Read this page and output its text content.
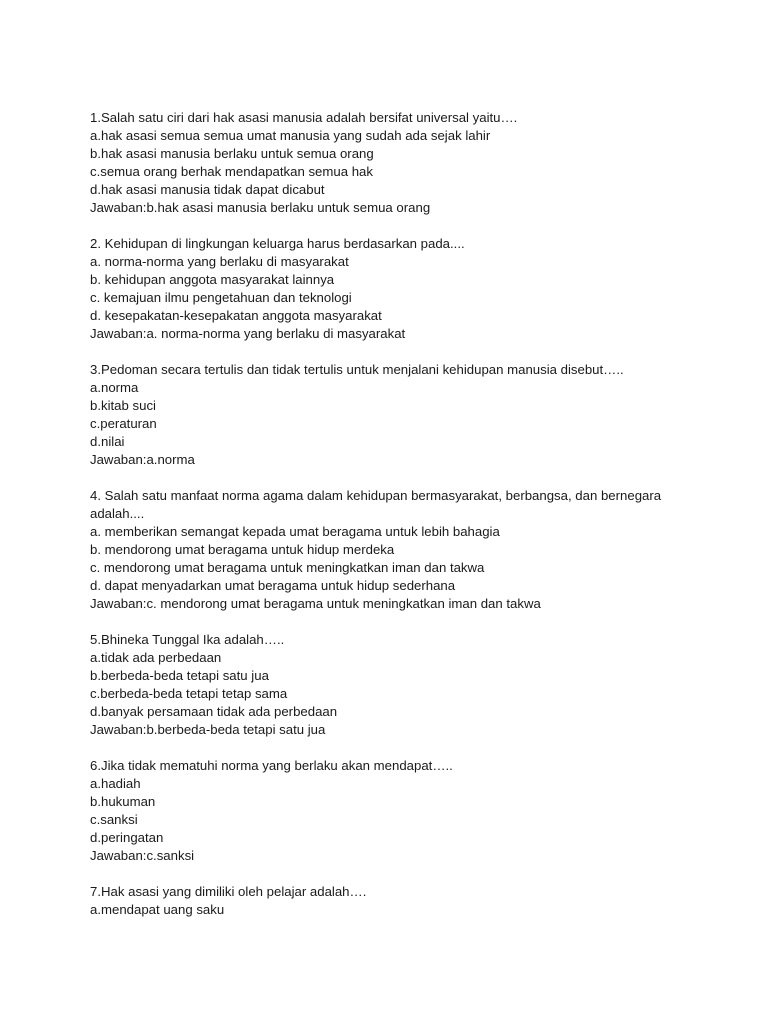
1.Salah satu ciri dari hak asasi manusia adalah bersifat universal yaitu….
a.hak asasi semua semua umat manusia yang sudah ada sejak lahir
b.hak asasi manusia berlaku untuk semua orang
c.semua orang berhak mendapatkan semua hak
d.hak asasi manusia tidak dapat dicabut
Jawaban:b.hak asasi manusia berlaku untuk semua orang
2. Kehidupan di lingkungan keluarga harus berdasarkan pada....
a. norma-norma yang berlaku di masyarakat
b. kehidupan anggota masyarakat lainnya
c. kemajuan ilmu pengetahuan dan teknologi
d. kesepakatan-kesepakatan anggota masyarakat
Jawaban:a. norma-norma yang berlaku di masyarakat
3.Pedoman secara tertulis dan tidak tertulis untuk menjalani kehidupan manusia disebut…..
a.norma
b.kitab suci
c.peraturan
d.nilai
Jawaban:a.norma
4. Salah satu manfaat norma agama dalam kehidupan bermasyarakat, berbangsa, dan bernegara adalah....
a. memberikan semangat kepada umat beragama untuk lebih bahagia
b. mendorong umat beragama untuk hidup merdeka
c. mendorong umat beragama untuk meningkatkan iman dan takwa
d. dapat menyadarkan umat beragama untuk hidup sederhana
Jawaban:c. mendorong umat beragama untuk meningkatkan iman dan takwa
5.Bhineka Tunggal Ika adalah…..
a.tidak ada perbedaan
b.berbeda-beda tetapi satu jua
c.berbeda-beda tetapi tetap sama
d.banyak persamaan tidak ada perbedaan
Jawaban:b.berbeda-beda tetapi satu jua
6.Jika tidak mematuhi norma yang berlaku akan mendapat…..
a.hadiah
b.hukuman
c.sanksi
d.peringatan
Jawaban:c.sanksi
7.Hak asasi yang dimiliki oleh pelajar adalah….
a.mendapat uang saku
